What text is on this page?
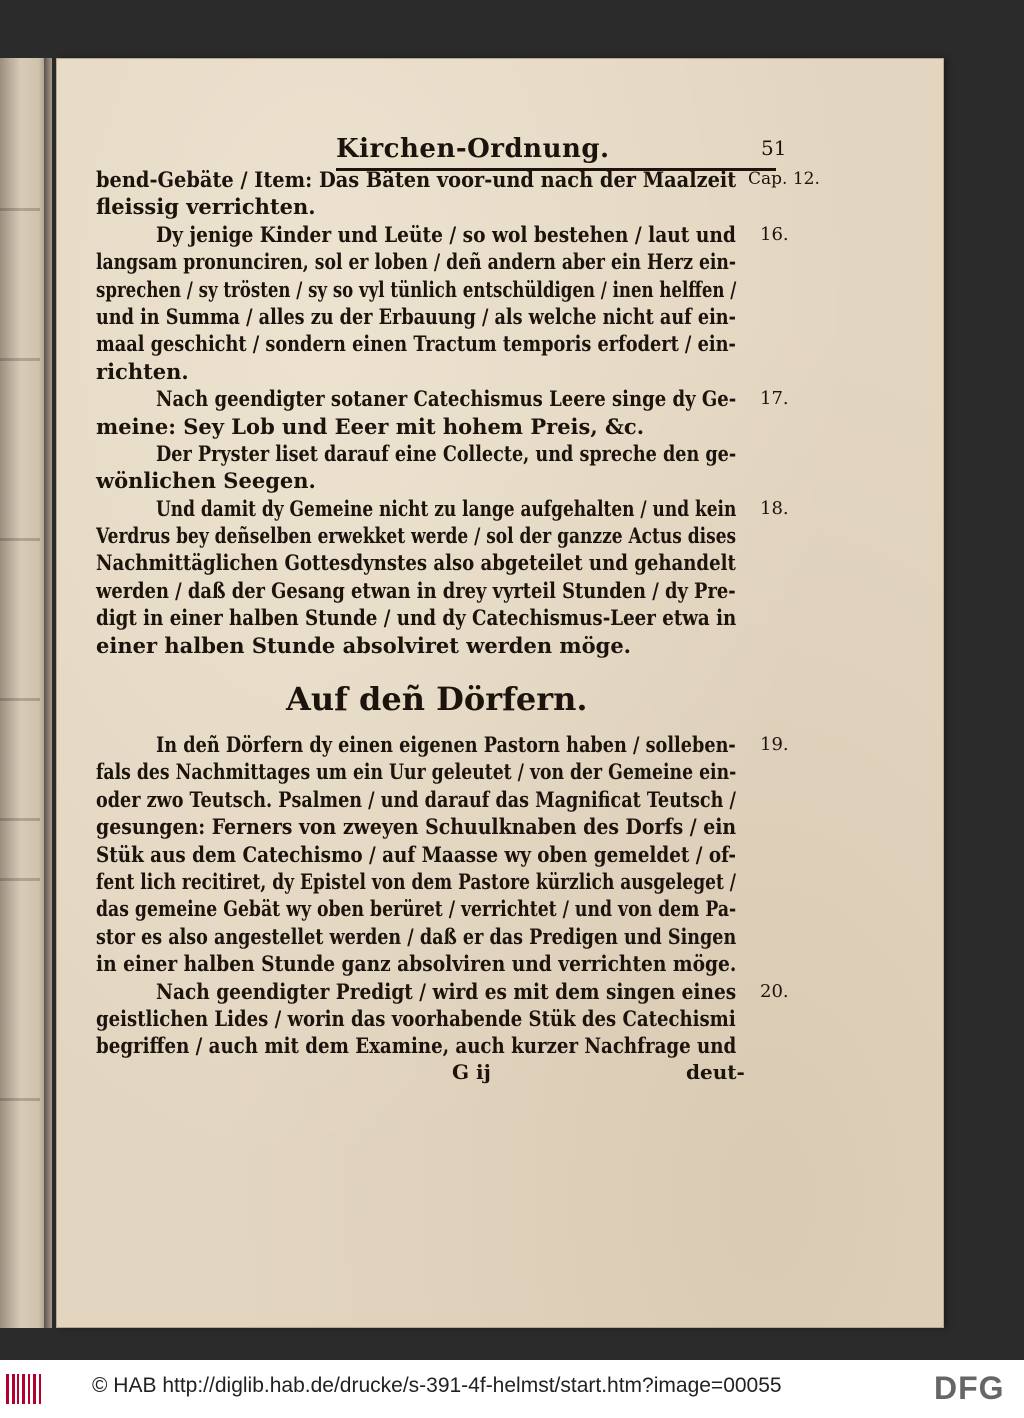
Kirchen-Ordnung.	51
bend-Gebäte / Item: Das Bäten voor-und nach der Maalzeit Cap. 12.
fleissig verrichten.
Dy jenige Kinder und Leüte / so wol bestehen / laut und 16.
langsam pronunciren, sol er loben / deñ andern aber ein Herz ein-
sprechen / sy trösten / sy so vyl tünlich entschüldigen / inen helffen /
und in Summa / alles zu der Erbauung / als welche nicht auf ein-
maal geschicht / sondern einen Tractum temporis erfodert / ein-
richten.
Nach geendigter sotaner Catechismus Leere singe dy Ge- 17.
meine: Sey Lob und Eeer mit hohem Preis, &c.
Der Pryster liset darauf eine Collecte, und spreche den ge-
wönlichen Seegen.
Und damit dy Gemeine nicht zu lange aufgehalten / und kein 18.
Verdrus bey deñselben erwekket werde / sol der ganzze Actus dises
Nachmittäglichen Gottesdynstes also abgeteilet und gehandelt
werden / daß der Gesang etwan in drey vyrteil Stunden / dy Pre-
digt in einer halben Stunde / und dy Catechismus-Leer etwa in
einer halben Stunde absolviret werden möge.
Auf deñ Dörfern.
In deñ Dörfern dy einen eigenen Pastorn haben / solleben- 19.
fals des Nachmittages um ein Uur geleutet / von der Gemeine ein-
oder zwo Teutsch. Psalmen / und darauf das Magnificat Teutsch /
gesungen: Ferners von zweyen Schuulknaben des Dorfs / ein
Stük aus dem Catechismo / auf Maasse wy oben gemeldet / of-
fent lich recitiret, dy Epistel von dem Pastore kürzlich ausgeleget /
das gemeine Gebät wy oben berüret / verrichtet / und von dem Pa-
stor es also angestellet werden / daß er das Predigen und Singen
in einer halben Stunde ganz absolviren und verrichten möge.
Nach geendigter Predigt / wird es mit dem singen eines 20.
geistlichen Lides / worin das voorhabende Stük des Catechismi
begriffen / auch mit dem Examine, auch kurzer Nachfrage und
G ij	deut-
© HAB http://diglib.hab.de/drucke/s-391-4f-helmst/start.htm?image=00055	DFG
